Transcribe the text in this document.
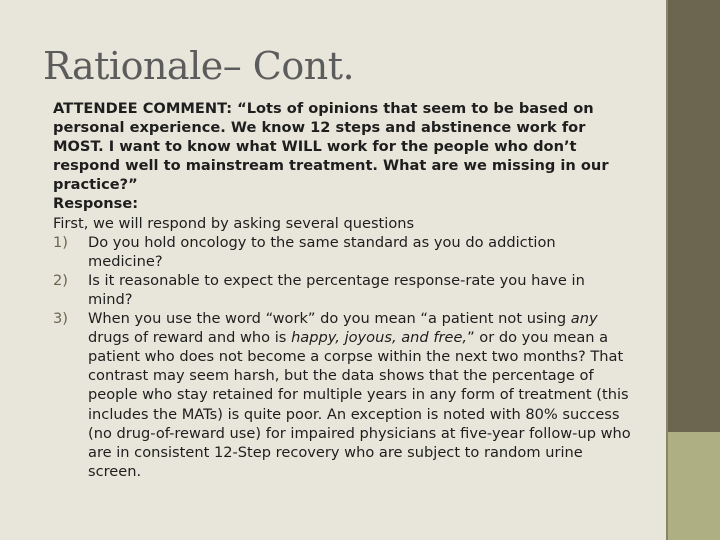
Rationale– Cont.

ATTENDEE COMMENT: “Lots of opinions that seem to be based on personal experience. We know 12 steps and abstinence work for MOST. I want to know what WILL work for the people who don’t respond well to mainstream treatment. What are we missing in our practice?”

Response:

First, we will respond by asking several questions

1) Do you hold oncology to the same standard as you do addiction medicine?
2) Is it reasonable to expect the percentage response-rate you have in mind?
3) When you use the word “work” do you mean “a patient not using any drugs of reward and who is happy, joyous, and free,” or do you mean a patient who does not become a corpse within the next two months? That contrast may seem harsh, but the data shows that the percentage of people who stay retained for multiple years in any form of treatment (this includes the MATs) is quite poor. An exception is noted with 80% success (no drug-of-reward use) for impaired physicians at five-year follow-up who are in consistent 12-Step recovery who are subject to random urine screen.
